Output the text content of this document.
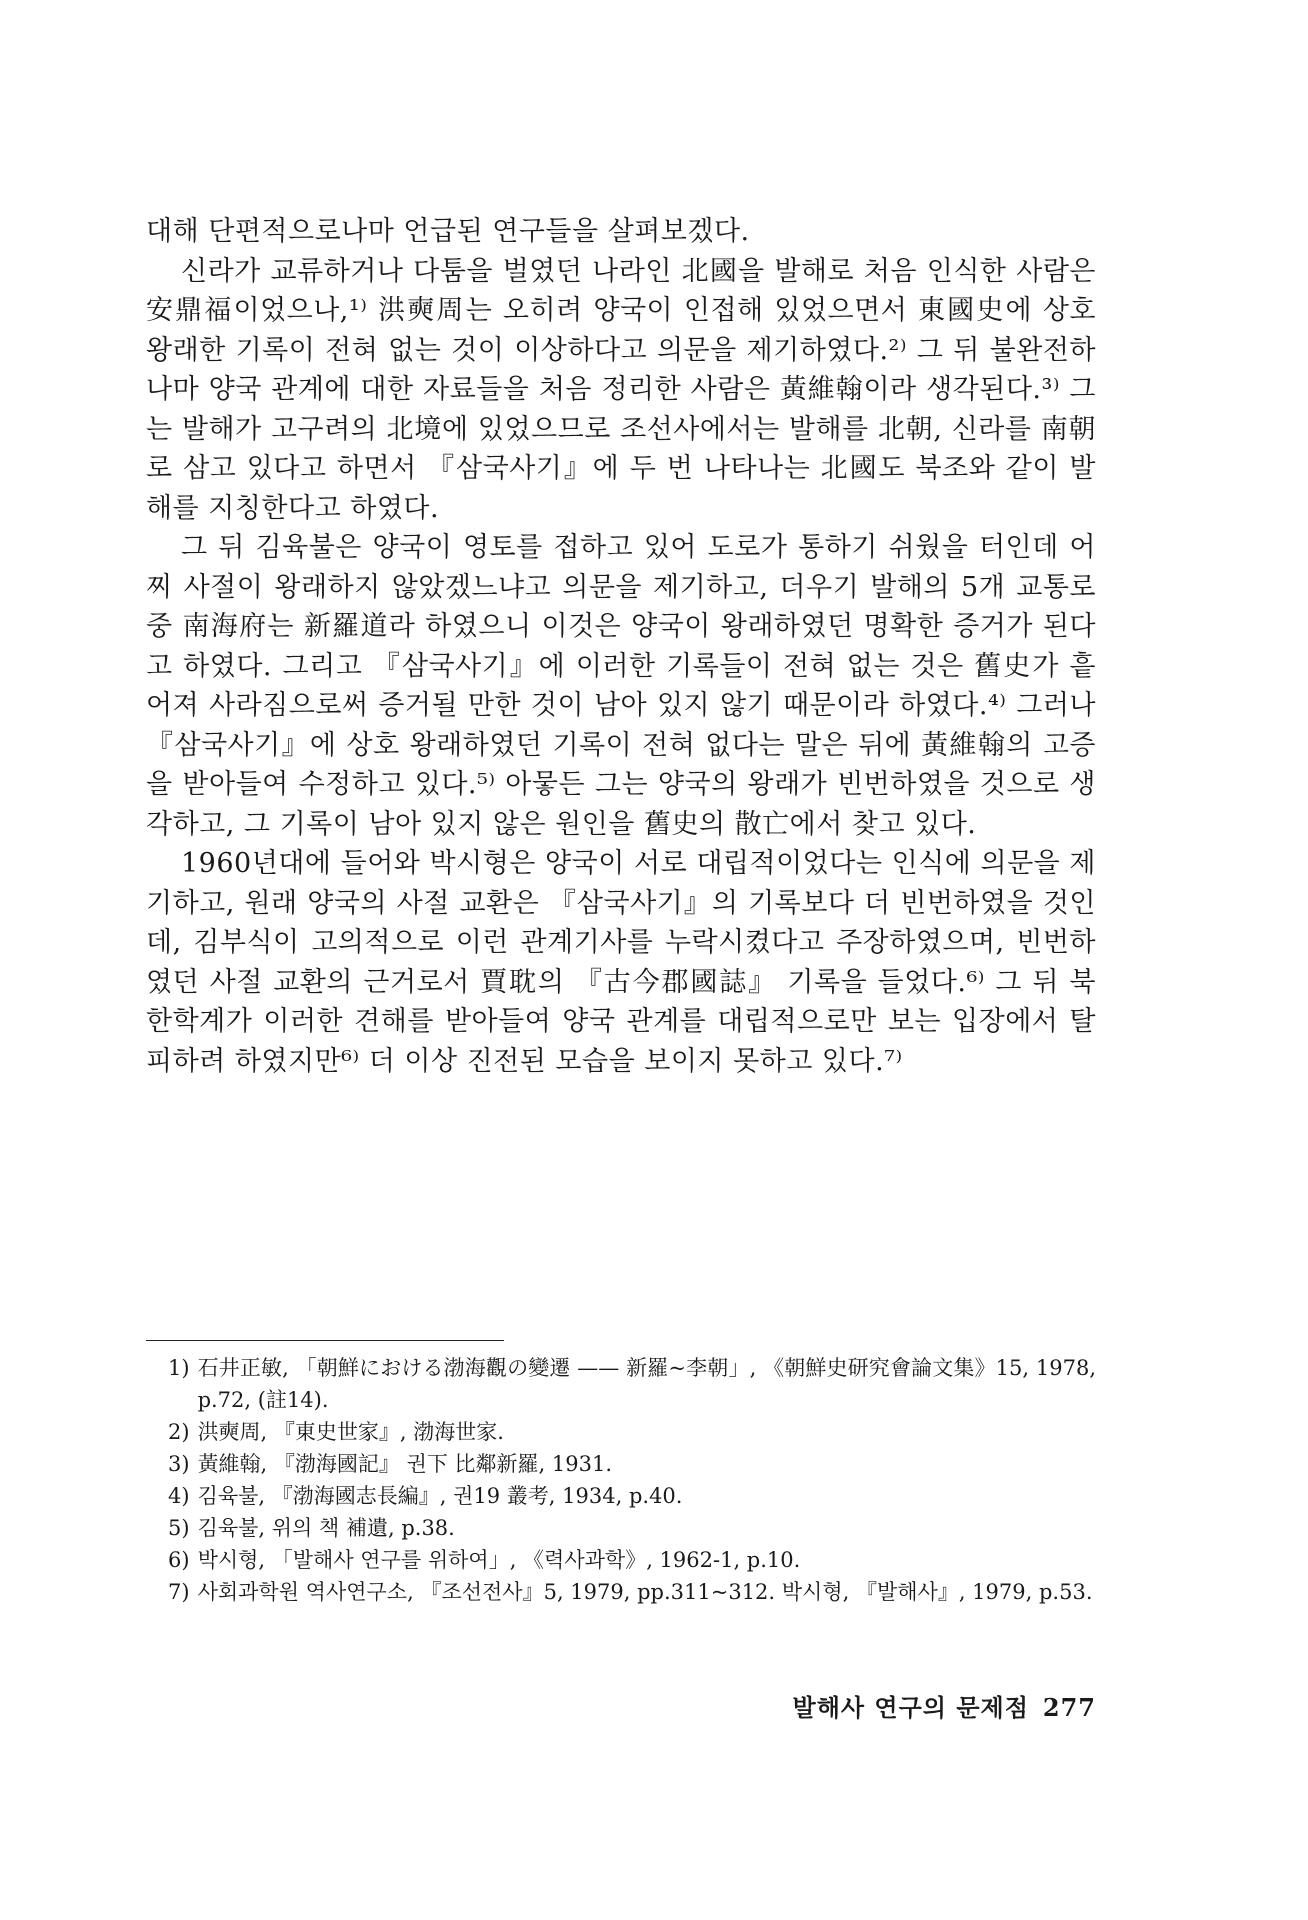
대해 단편적으로나마 언급된 연구들을 살펴보겠다.

신라가 교류하거나 다툼을 벌였던 나라인 北國을 발해로 처음 인식한 사람은 安鼎福이었으나,¹⁾ 洪奭周는 오히려 양국이 인접해 있었으면서 東國史에 상호 왕래한 기록이 전혀 없는 것이 이상하다고 의문을 제기하였다.²⁾ 그 뒤 불완전하나마 양국 관계에 대한 자료들을 처음 정리한 사람은 黃維翰이라 생각된다.³⁾ 그는 발해가 고구려의 北境에 있었으므로 조선사에서는 발해를 北朝, 신라를 南朝로 삼고 있다고 하면서 『삼국사기』에 두 번 나타나는 北國도 북조와 같이 발해를 지칭한다고 하였다.

그 뒤 김육불은 양국이 영토를 접하고 있어 도로가 통하기 쉬웠을 터인데 어찌 사절이 왕래하지 않았겠느냐고 의문을 제기하고, 더우기 발해의 5개 교통로 중 南海府는 新羅道라 하였으니 이것은 양국이 왕래하였던 명확한 증거가 된다고 하였다. 그리고 『삼국사기』에 이러한 기록들이 전혀 없는 것은 舊史가 흩어져 사라짐으로써 증거될 만한 것이 남아 있지 않기 때문이라 하였다.⁴⁾ 그러나 『삼국사기』에 상호 왕래하였던 기록이 전혀 없다는 말은 뒤에 黃維翰의 고증을 받아들여 수정하고 있다.⁵⁾ 아뭏든 그는 양국의 왕래가 빈번하였을 것으로 생각하고, 그 기록이 남아 있지 않은 원인을 舊史의 散亡에서 찾고 있다.

1960년대에 들어와 박시형은 양국이 서로 대립적이었다는 인식에 의문을 제기하고, 원래 양국의 사절 교환은 『삼국사기』의 기록보다 더 빈번하였을 것인데, 김부식이 고의적으로 이런 관계기사를 누락시켰다고 주장하였으며, 빈번하였던 사절 교환의 근거로서 賈耽의 『古今郡國誌』 기록을 들었다.⁶⁾ 그 뒤 북한학계가 이러한 견해를 받아들여 양국 관계를 대립적으로만 보는 입장에서 탈피하려 하였지만⁶⁾ 더 이상 진전된 모습을 보이지 못하고 있다.⁷⁾

1) 石井正敏, 「朝鮮における渤海觀の變遷 —— 新羅~李朝」, 《朝鮮史研究會論文集》15, 1978, p.72, (註14).
2) 洪奭周, 『東史世家』, 渤海世家.
3) 黃維翰, 『渤海國記』 권下 比鄰新羅, 1931.
4) 김육불, 『渤海國志長編』, 권19 叢考, 1934, p.40.
5) 김육불, 위의 책 補遺, p.38.
6) 박시형, 「발해사 연구를 위하여」, 《력사과학》, 1962-1, p.10.
7) 사회과학원 역사연구소, 『조선전사』5, 1979, pp.311~312. 박시형, 『발해사』, 1979, p.53.
발해사 연구의 문제점 277
